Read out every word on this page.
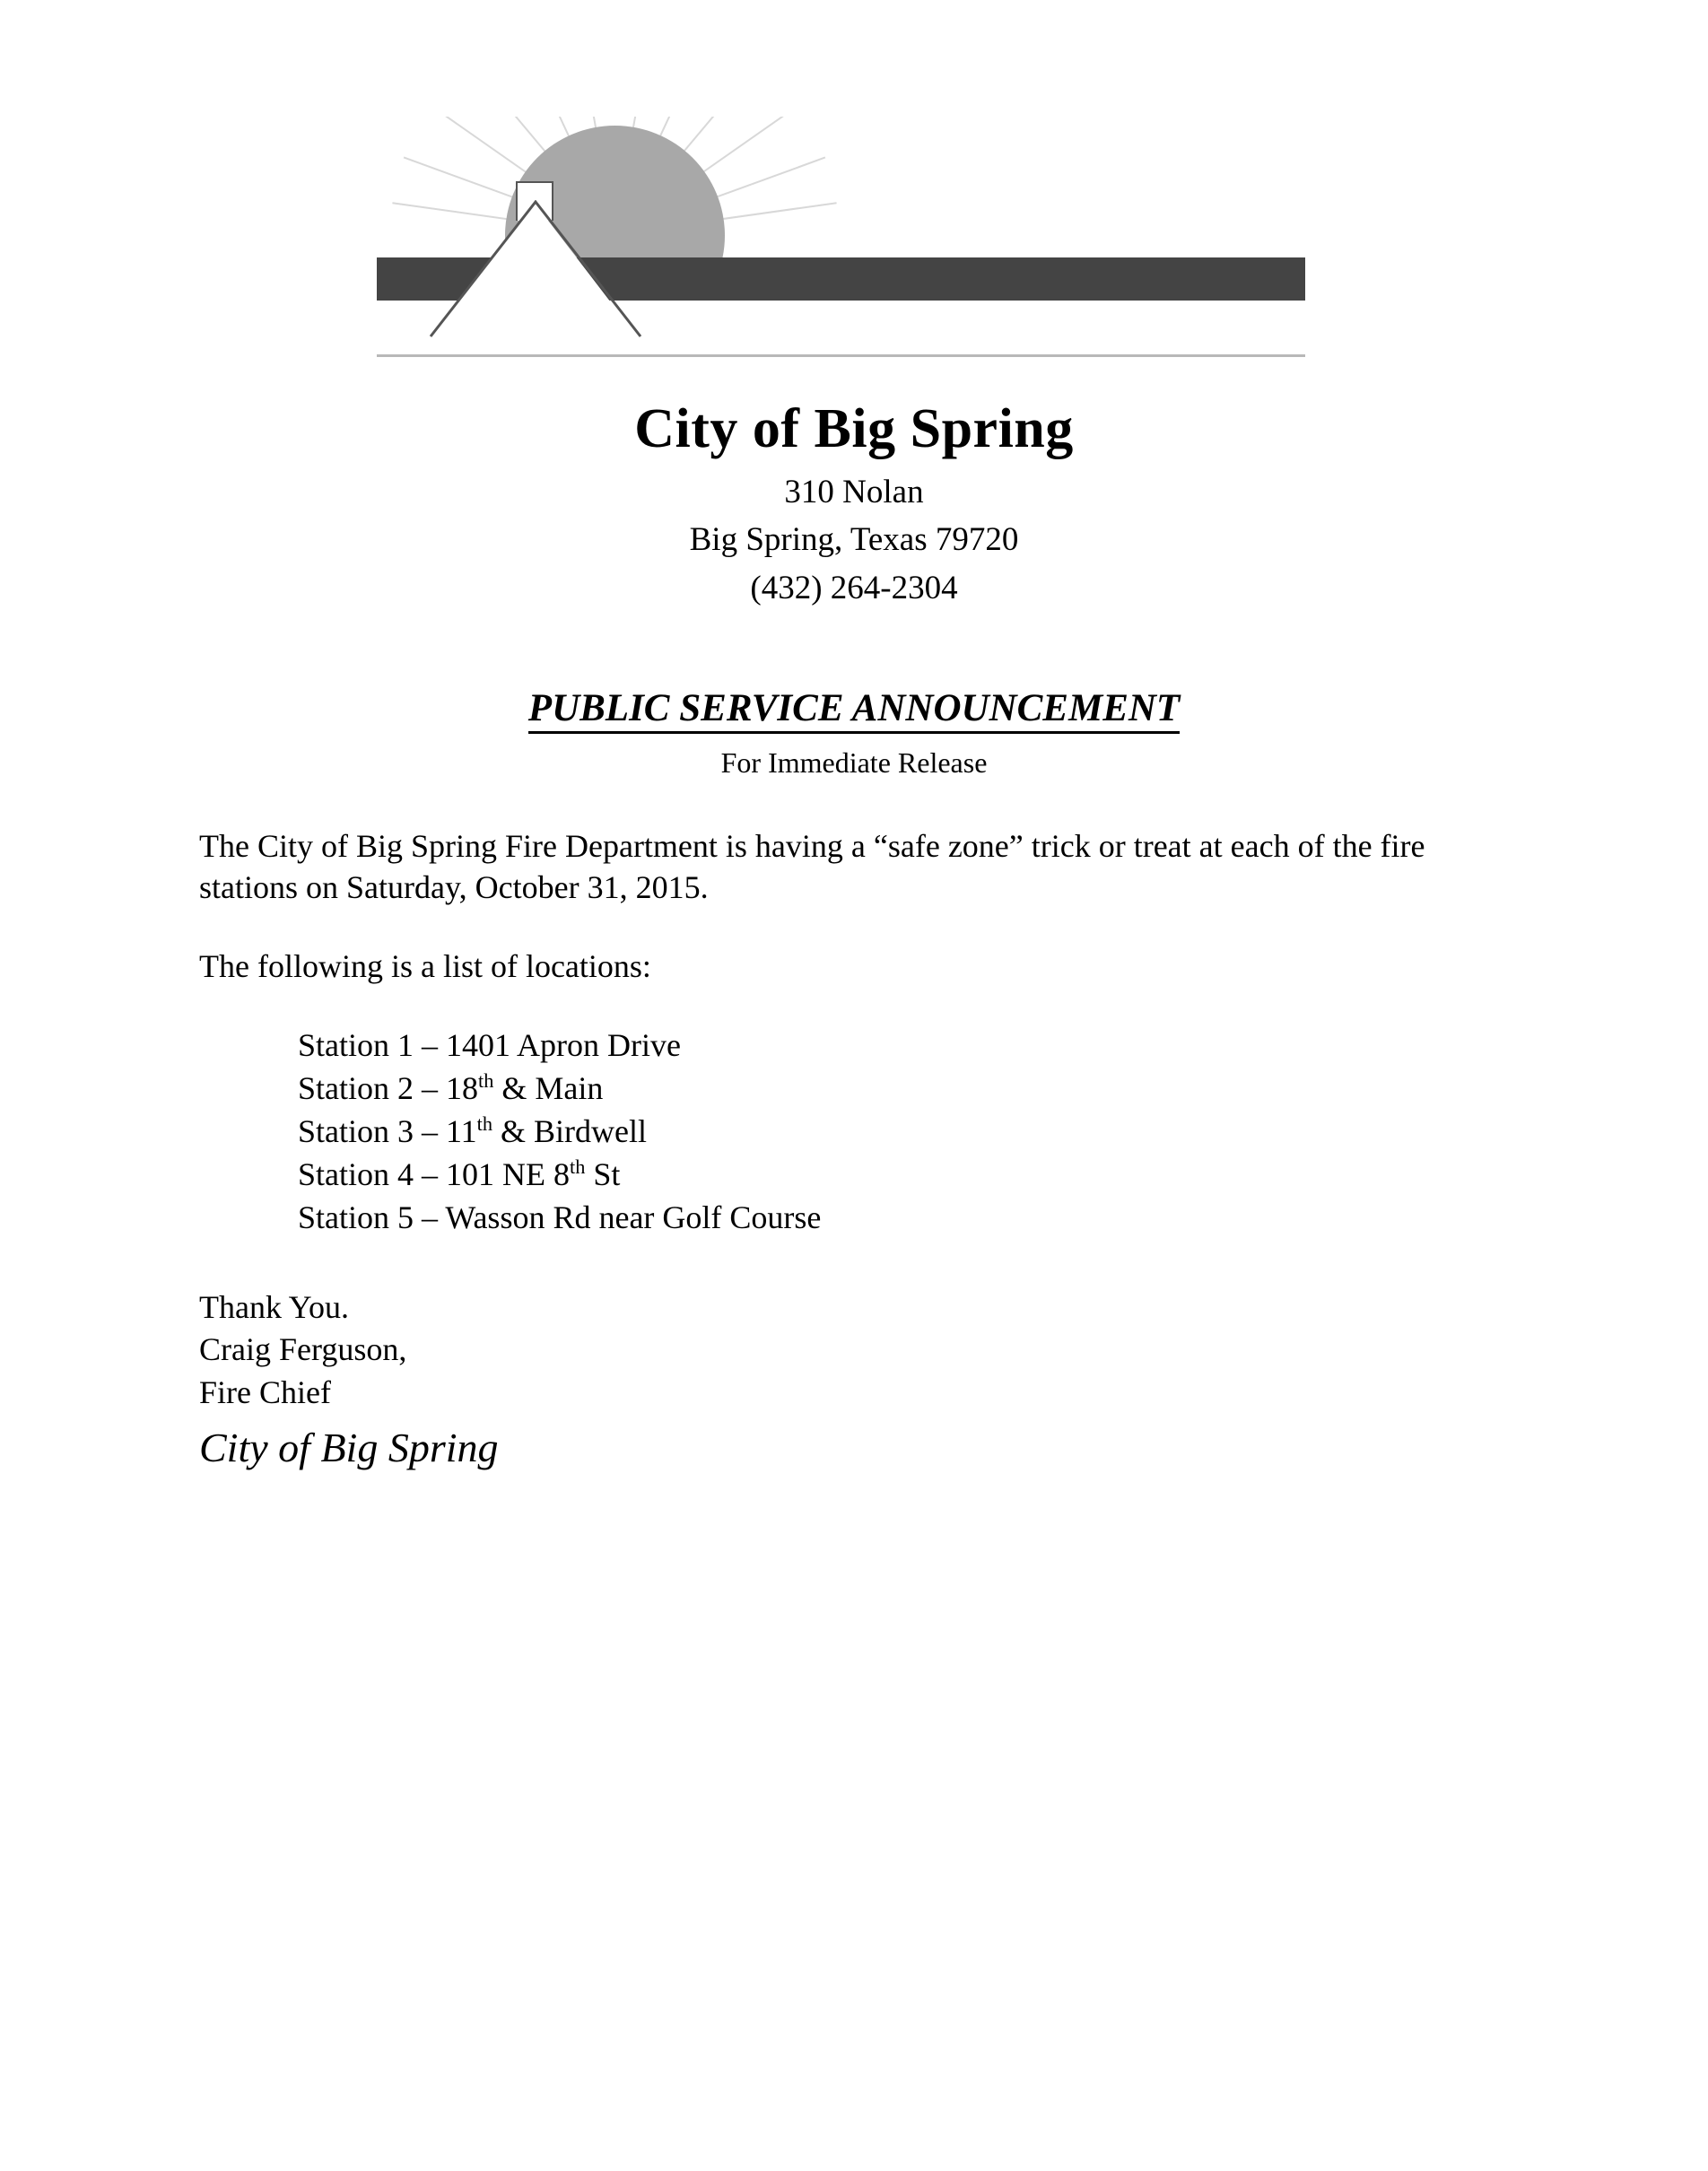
City of Big Spring
310 Nolan
Big Spring, Texas 79720
(432) 264-2304
PUBLIC SERVICE ANNOUNCEMENT
For Immediate Release

The City of Big Spring Fire Department is having a “safe zone” trick or treat at each of the fire stations on Saturday, October 31, 2015.

The following is a list of locations:

Station 1 – 1401 Apron Drive
Station 2 – 18th & Main
Station 3 – 11th & Birdwell
Station 4 – 101 NE 8th St
Station 5 – Wasson Rd near Golf Course
Thank You.
Craig Ferguson,
Fire Chief
City of Big Spring
